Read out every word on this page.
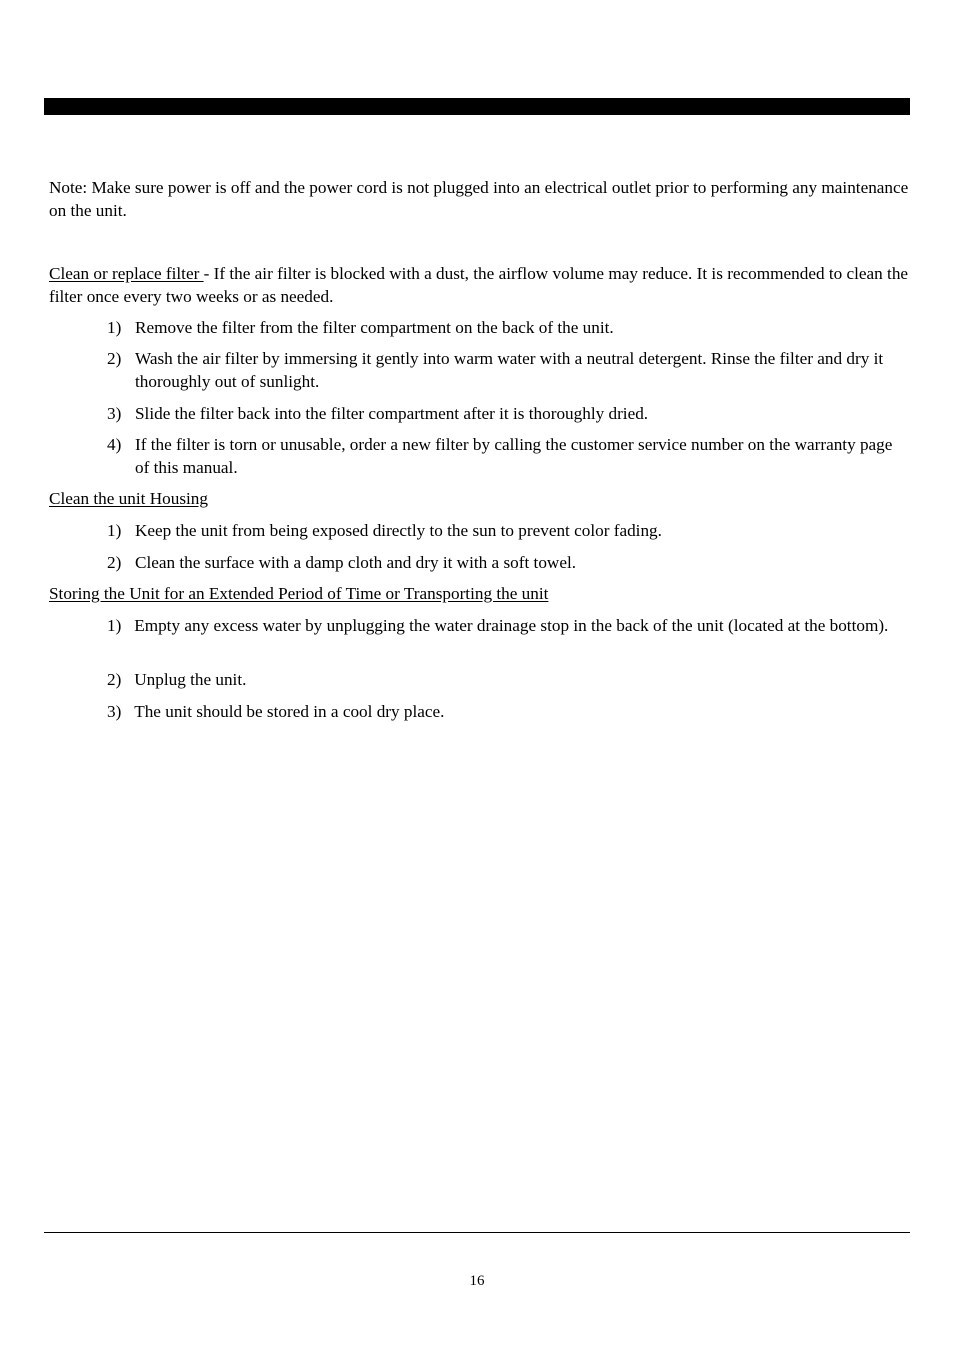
Note: Make sure power is off and the power cord is not plugged into an electrical outlet prior to performing any maintenance on the unit.

Clean or replace filter - If the air filter is blocked with a dust, the airflow volume may reduce. It is recommended to clean the filter once every two weeks or as needed.

1) Remove the filter from the filter compartment on the back of the unit.
2) Wash the air filter by immersing it gently into warm water with a neutral detergent. Rinse the filter and dry it thoroughly out of sunlight.
3) Slide the filter back into the filter compartment after it is thoroughly dried.
4) If the filter is torn or unusable, order a new filter by calling the customer service number on the warranty page of this manual.

Clean the unit Housing

1) Keep the unit from being exposed directly to the sun to prevent color fading.
2) Clean the surface with a damp cloth and dry it with a soft towel.

Storing the Unit for an Extended Period of Time or Transporting the unit

1) Empty any excess water by unplugging the water drainage stop in the back of the unit (located at the bottom).

2) Unplug the unit.

3) The unit should be stored in a cool dry place.

16
